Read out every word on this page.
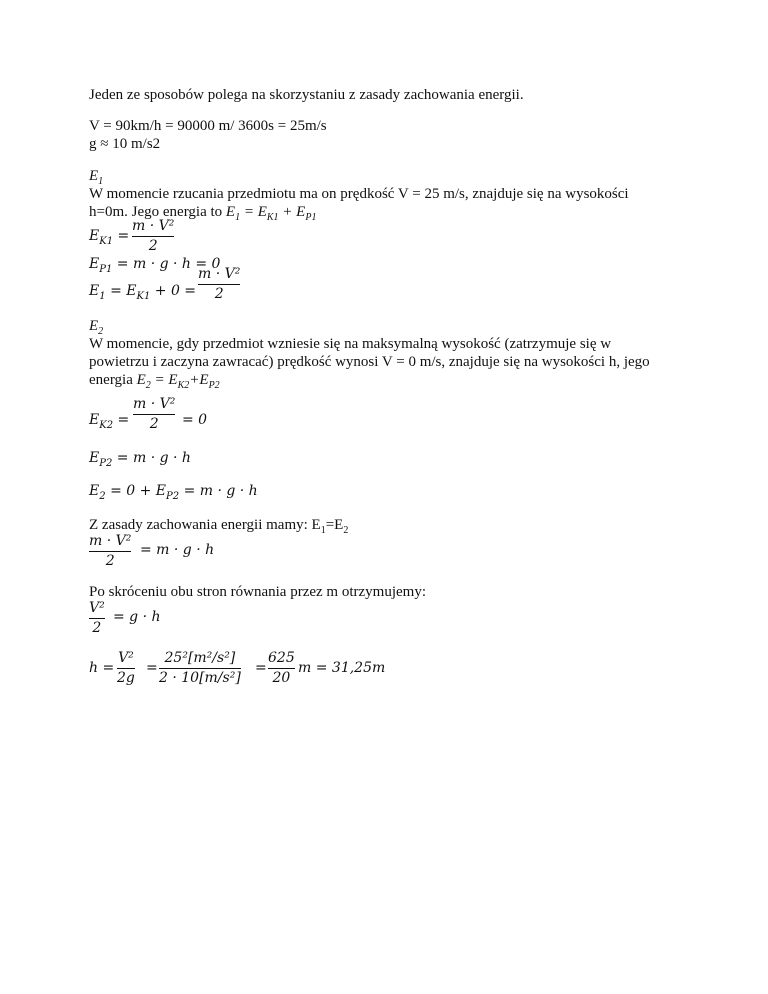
Jeden ze sposobów polega na skorzystaniu z zasady zachowania energii.
V = 90km/h = 90000 m/ 3600s = 25m/s
g ≈ 10 m/s2
$E_1$
W momencie rzucania przedmiotu ma on prędkość V = 25 m/s, znajduje się na wysokości
h=0m. Jego energia to $E_1 = E_{K1} + E_{P1}$
$E_{K1}$ =
m · V²
2
$E_{P1} = m \cdot g \cdot h = 0$
$E_1 = E_{K1} + 0$ =
m · V²
2
$E_2$
W momencie, gdy przedmiot wzniesie się na maksymalną wysokość (zatrzymuje się w
powietrzu i zaczyna zawracać) prędkość wynosi V = 0 m/s, znajduje się na wysokości h, jego
energia $E_2 = E_{K2}+E_{P2}$
$E_{K2}$ =
m · V²
2 = 0
$E_{P2} = m \cdot g \cdot h$
$E_2 = 0 + E_{P2} = m \cdot g \cdot h$
Z zasady zachowania energii mamy: $E_1=E_2$
m · V²
2
= m · g · h
Po skróceniu obu stron równania przez m otrzymujemy:
V²
2
= g · h
h =
V²
2g
=
25²[m²/s²]
2 · 10[m/s²]
=
625
20
m = 31,25m
